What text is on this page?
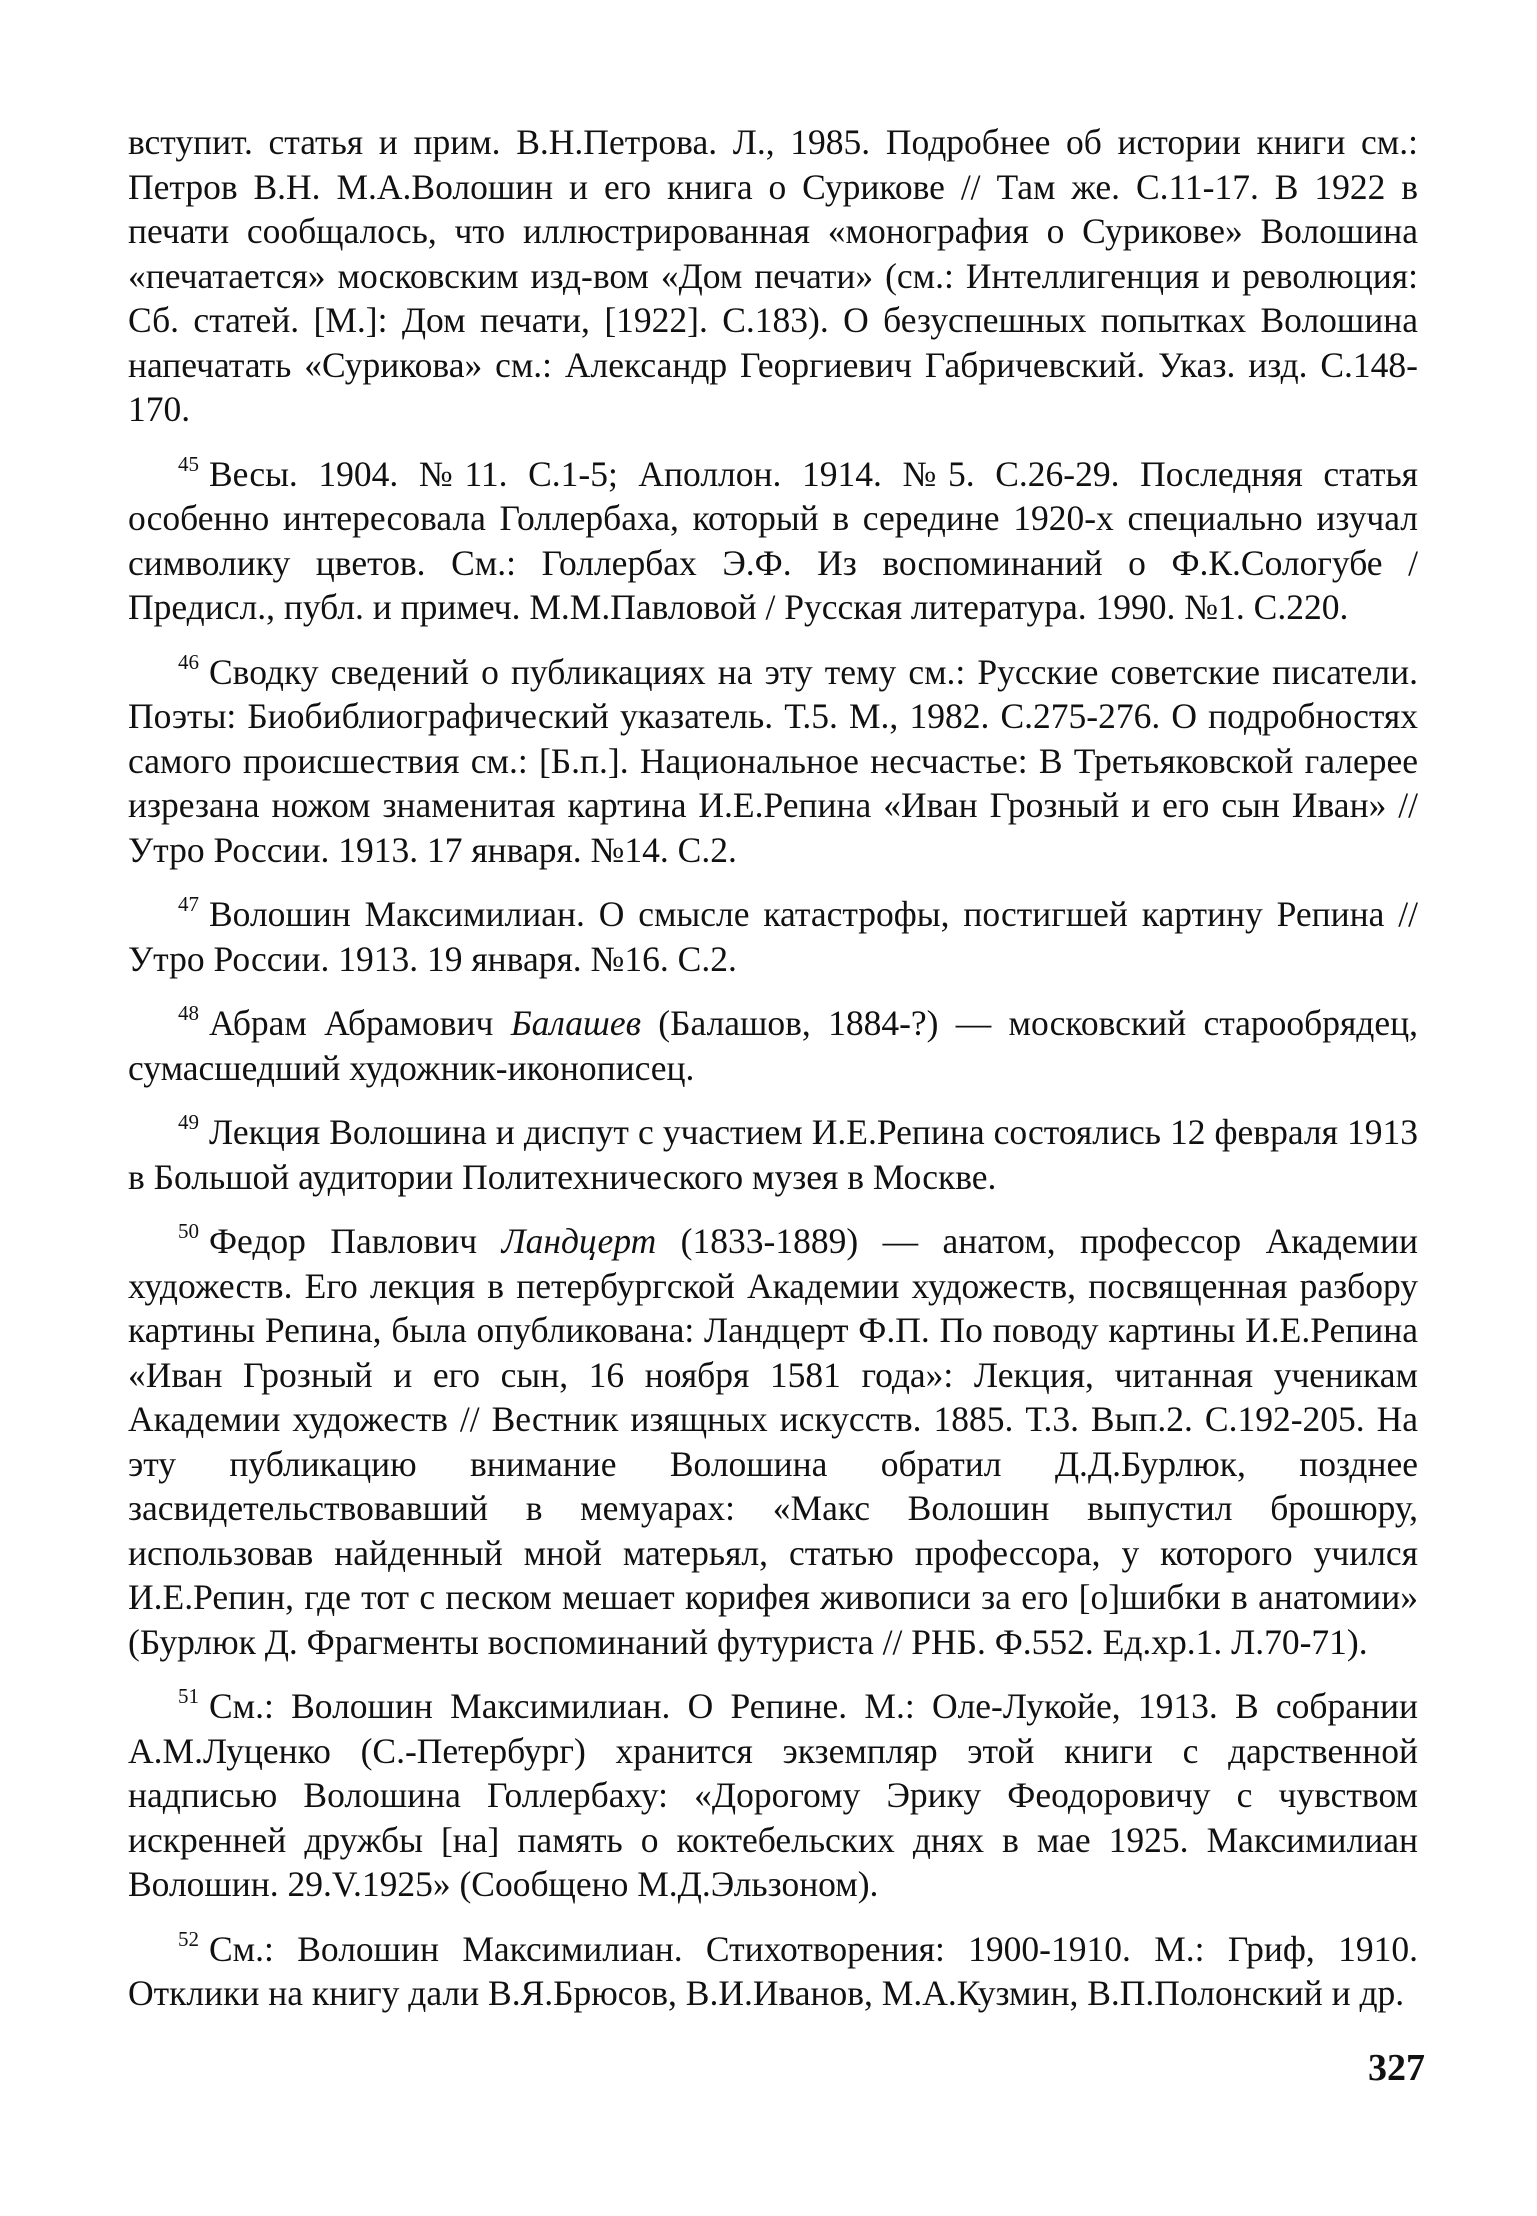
вступит. статья и прим. В.Н.Петрова. Л., 1985. Подробнее об истории книги см.: Петров В.Н. М.А.Волошин и его книга о Сурикове // Там же. С.11-17. В 1922 в печати сообщалось, что иллюстрированная «монография о Сурикове» Волошина «печатается» московским изд-вом «Дом печати» (см.: Интеллигенция и революция: Сб. статей. [М.]: Дом печати, [1922]. С.183). О безуспешных попытках Волошина напечатать «Сурикова» см.: Александр Георгиевич Габричевский. Указ. изд. С.148-170.

$^{45}$ Весы. 1904. №11. С.1-5; Аполлон. 1914. №5. С.26-29. Последняя статья особенно интересовала Голлербаха, который в середине 1920-х специально изучал символику цветов. См.: Голлербах Э.Ф. Из воспоминаний о Ф.К.Сологубе / Предисл., публ. и примеч. М.М.Павловой / Русская литература. 1990. №1. С.220.

$^{46}$ Сводку сведений о публикациях на эту тему см.: Русские советские писатели. Поэты: Биобиблиографический указатель. Т.5. М., 1982. С.275-276. О подробностях самого происшествия см.: [Б.п.]. Национальное несчастье: В Третьяковской галерее изрезана ножом знаменитая картина И.Е.Репина «Иван Грозный и его сын Иван» // Утро России. 1913. 17 января. №14. С.2.

$^{47}$ Волошин Максимилиан. О смысле катастрофы, постигшей картину Репина // Утро России. 1913. 19 января. №16. С.2.

$^{48}$ Абрам Абрамович Балашев (Балашов, 1884-?) — московский старообрядец, сумасшедший художник-иконописец.

$^{49}$ Лекция Волошина и диспут с участием И.Е.Репина состоялись 12 февраля 1913 в Большой аудитории Политехнического музея в Москве.

$^{50}$ Федор Павлович Ландцерт (1833-1889) — анатом, профессор Академии художеств. Его лекция в петербургской Академии художеств, посвященная разбору картины Репина, была опубликована: Ландцерт Ф.П. По поводу картины И.Е.Репина «Иван Грозный и его сын, 16 ноября 1581 года»: Лекция, читанная ученикам Академии художеств // Вестник изящных искусств. 1885. Т.3. Вып.2. С.192-205. На эту публикацию внимание Волошина обратил Д.Д.Бурлюк, позднее засвидетельствовавший в мемуарах: «Макс Волошин выпустил брошюру, использовав найденный мной матерьял, статью профессора, у которого учился И.Е.Репин, где тот с песком мешает корифея живописи за его [о]шибки в анатомии» (Бурлюк Д. Фрагменты воспоминаний футуриста // РНБ. Ф.552. Ед.хр.1. Л.70-71).

$^{51}$ См.: Волошин Максимилиан. О Репине. М.: Оле-Лукойе, 1913. В собрании А.М.Луценко (С.-Петербург) хранится экземпляр этой книги с дарственной надписью Волошина Голлербаху: «Дорогому Эрику Феодоровичу с чувством искренней дружбы [на] память о коктебельских днях в мае 1925. Максимилиан Волошин. 29.V.1925» (Сообщено М.Д.Эльзоном).

$^{52}$ См.: Волошин Максимилиан. Стихотворения: 1900-1910. М.: Гриф, 1910. Отклики на книгу дали В.Я.Брюсов, В.И.Иванов, М.А.Кузмин, В.П.Полонский и др.

327
